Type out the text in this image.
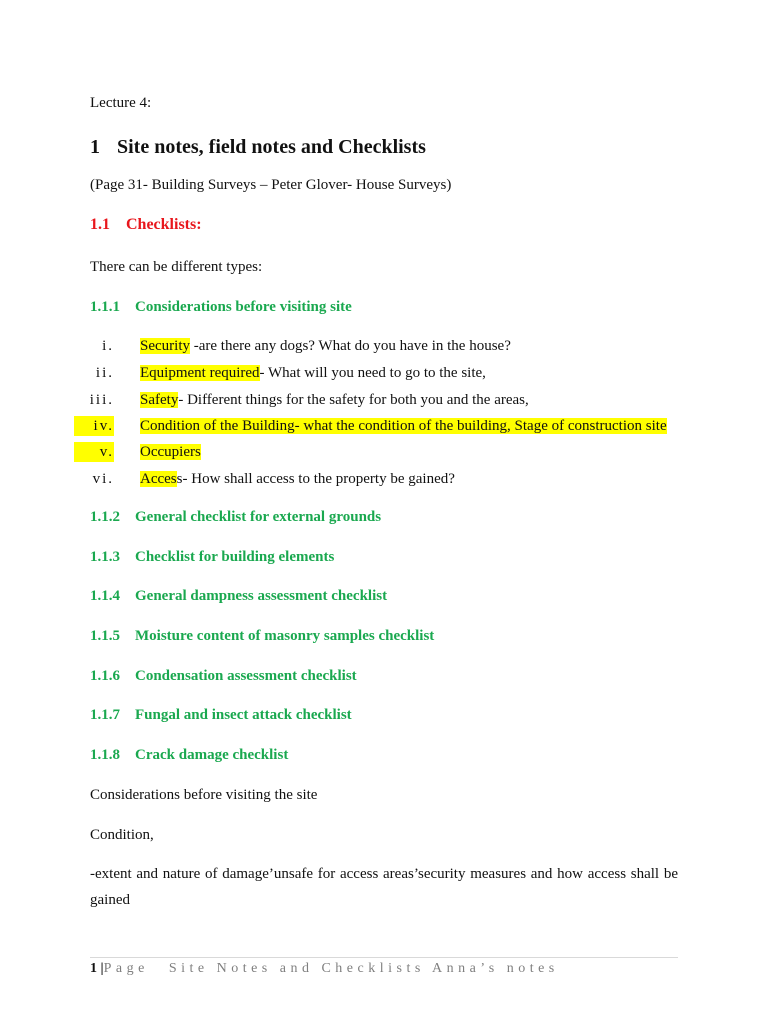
Lecture 4:
1 Site notes, field notes and Checklists
(Page 31- Building Surveys – Peter Glover- House Surveys)
1.1 Checklists:
There can be different types:
1.1.1 Considerations before visiting site
i. Security -are there any dogs? What do you have in the house?
ii. Equipment required- What will you need to go to the site,
iii. Safety- Different things for the safety for both you and the areas,
iv. Condition of the Building- what the condition of the building, Stage of construction site
v. Occupiers
vi. Access- How shall access to the property be gained?
1.1.2 General checklist for external grounds
1.1.3 Checklist for building elements
1.1.4 General dampness assessment checklist
1.1.5 Moisture content of masonry samples checklist
1.1.6 Condensation assessment checklist
1.1.7 Fungal and insect attack checklist
1.1.8 Crack damage checklist
Considerations before visiting the site
Condition,
-extent and nature of damage’unsafe for access areas’security measures and how access shall be gained
1 |Page Site Notes and Checklists Anna’s notes
